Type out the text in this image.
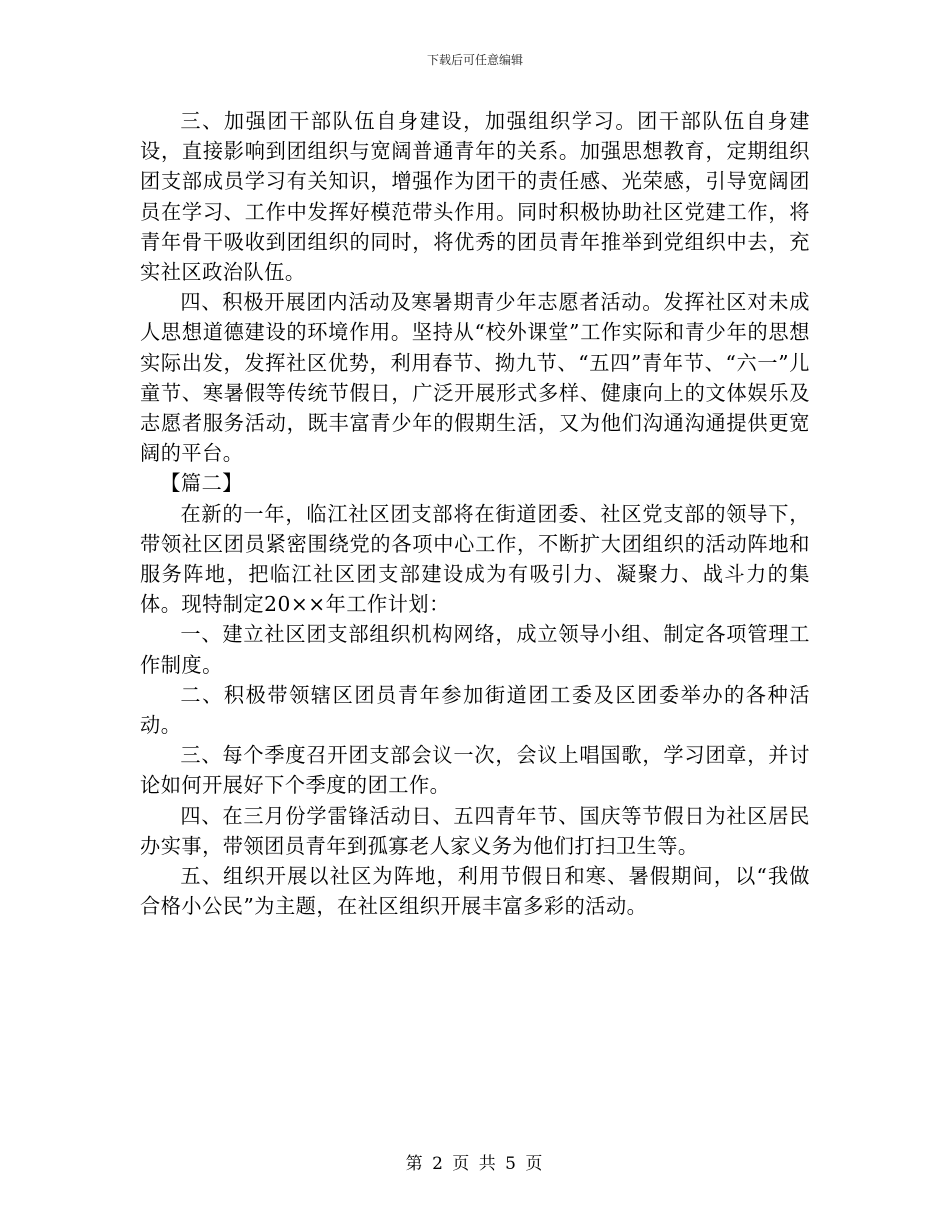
下载后可任意编辑

三、加强团干部队伍自身建设，加强组织学习。团干部队伍自身建设，直接影响到团组织与宽阔普通青年的关系。加强思想教育，定期组织团支部成员学习有关知识，增强作为团干的责任感、光荣感，引导宽阔团员在学习、工作中发挥好模范带头作用。同时积极协助社区党建工作，将青年骨干吸收到团组织的同时，将优秀的团员青年推举到党组织中去，充实社区政治队伍。

四、积极开展团内活动及寒暑期青少年志愿者活动。发挥社区对未成人思想道德建设的环境作用。坚持从“校外课堂”工作实际和青少年的思想实际出发，发挥社区优势，利用春节、拗九节、“五四”青年节、“六一”儿童节、寒暑假等传统节假日，广泛开展形式多样、健康向上的文体娱乐及志愿者服务活动，既丰富青少年的假期生活，又为他们沟通沟通提供更宽阔的平台。

【篇二】

在新的一年，临江社区团支部将在街道团委、社区党支部的领导下，带领社区团员紧密围绕党的各项中心工作，不断扩大团组织的活动阵地和服务阵地，把临江社区团支部建设成为有吸引力、凝聚力、战斗力的集体。现特制定20××年工作计划：

一、建立社区团支部组织机构网络，成立领导小组、制定各项管理工作制度。

二、积极带领辖区团员青年参加街道团工委及区团委举办的各种活动。

三、每个季度召开团支部会议一次，会议上唱国歌，学习团章，并讨论如何开展好下个季度的团工作。

四、在三月份学雷锋活动日、五四青年节、国庆等节假日为社区居民办实事，带领团员青年到孤寡老人家义务为他们打扫卫生等。

五、组织开展以社区为阵地，利用节假日和寒、暑假期间，以“我做合格小公民”为主题，在社区组织开展丰富多彩的活动。

第 2 页 共 5 页
